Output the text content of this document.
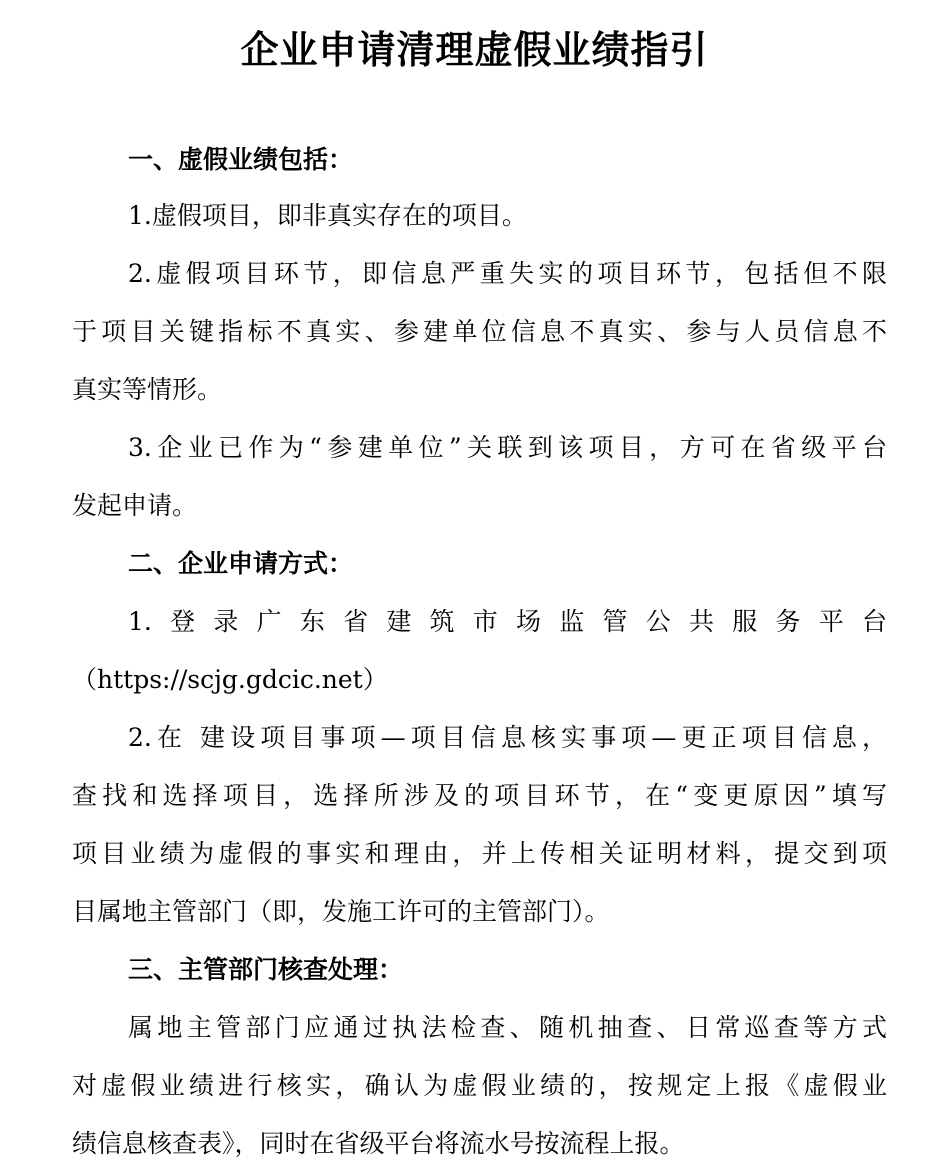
企业申请清理虚假业绩指引

一、虚假业绩包括：

1.虚假项目，即非真实存在的项目。

2.虚假项目环节，即信息严重失实的项目环节，包括但不限

于项目关键指标不真实、参建单位信息不真实、参与人员信息不

真实等情形。

3.企业已作为“参建单位”关联到该项目，方可在省级平台

发起申请。

二、企业申请方式：

1.登录广东省建筑市场监管公共服务平台

（https://scjg.gdcic.net）

2.在 建设项目事项—项目信息核实事项—更正项目信息，

查找和选择项目，选择所涉及的项目环节，在“变更原因”填写

项目业绩为虚假的事实和理由，并上传相关证明材料，提交到项

目属地主管部门（即，发施工许可的主管部门）。

三、主管部门核查处理：

属地主管部门应通过执法检查、随机抽查、日常巡查等方式

对虚假业绩进行核实，确认为虚假业绩的，按规定上报《虚假业

绩信息核查表》，同时在省级平台将流水号按流程上报。
